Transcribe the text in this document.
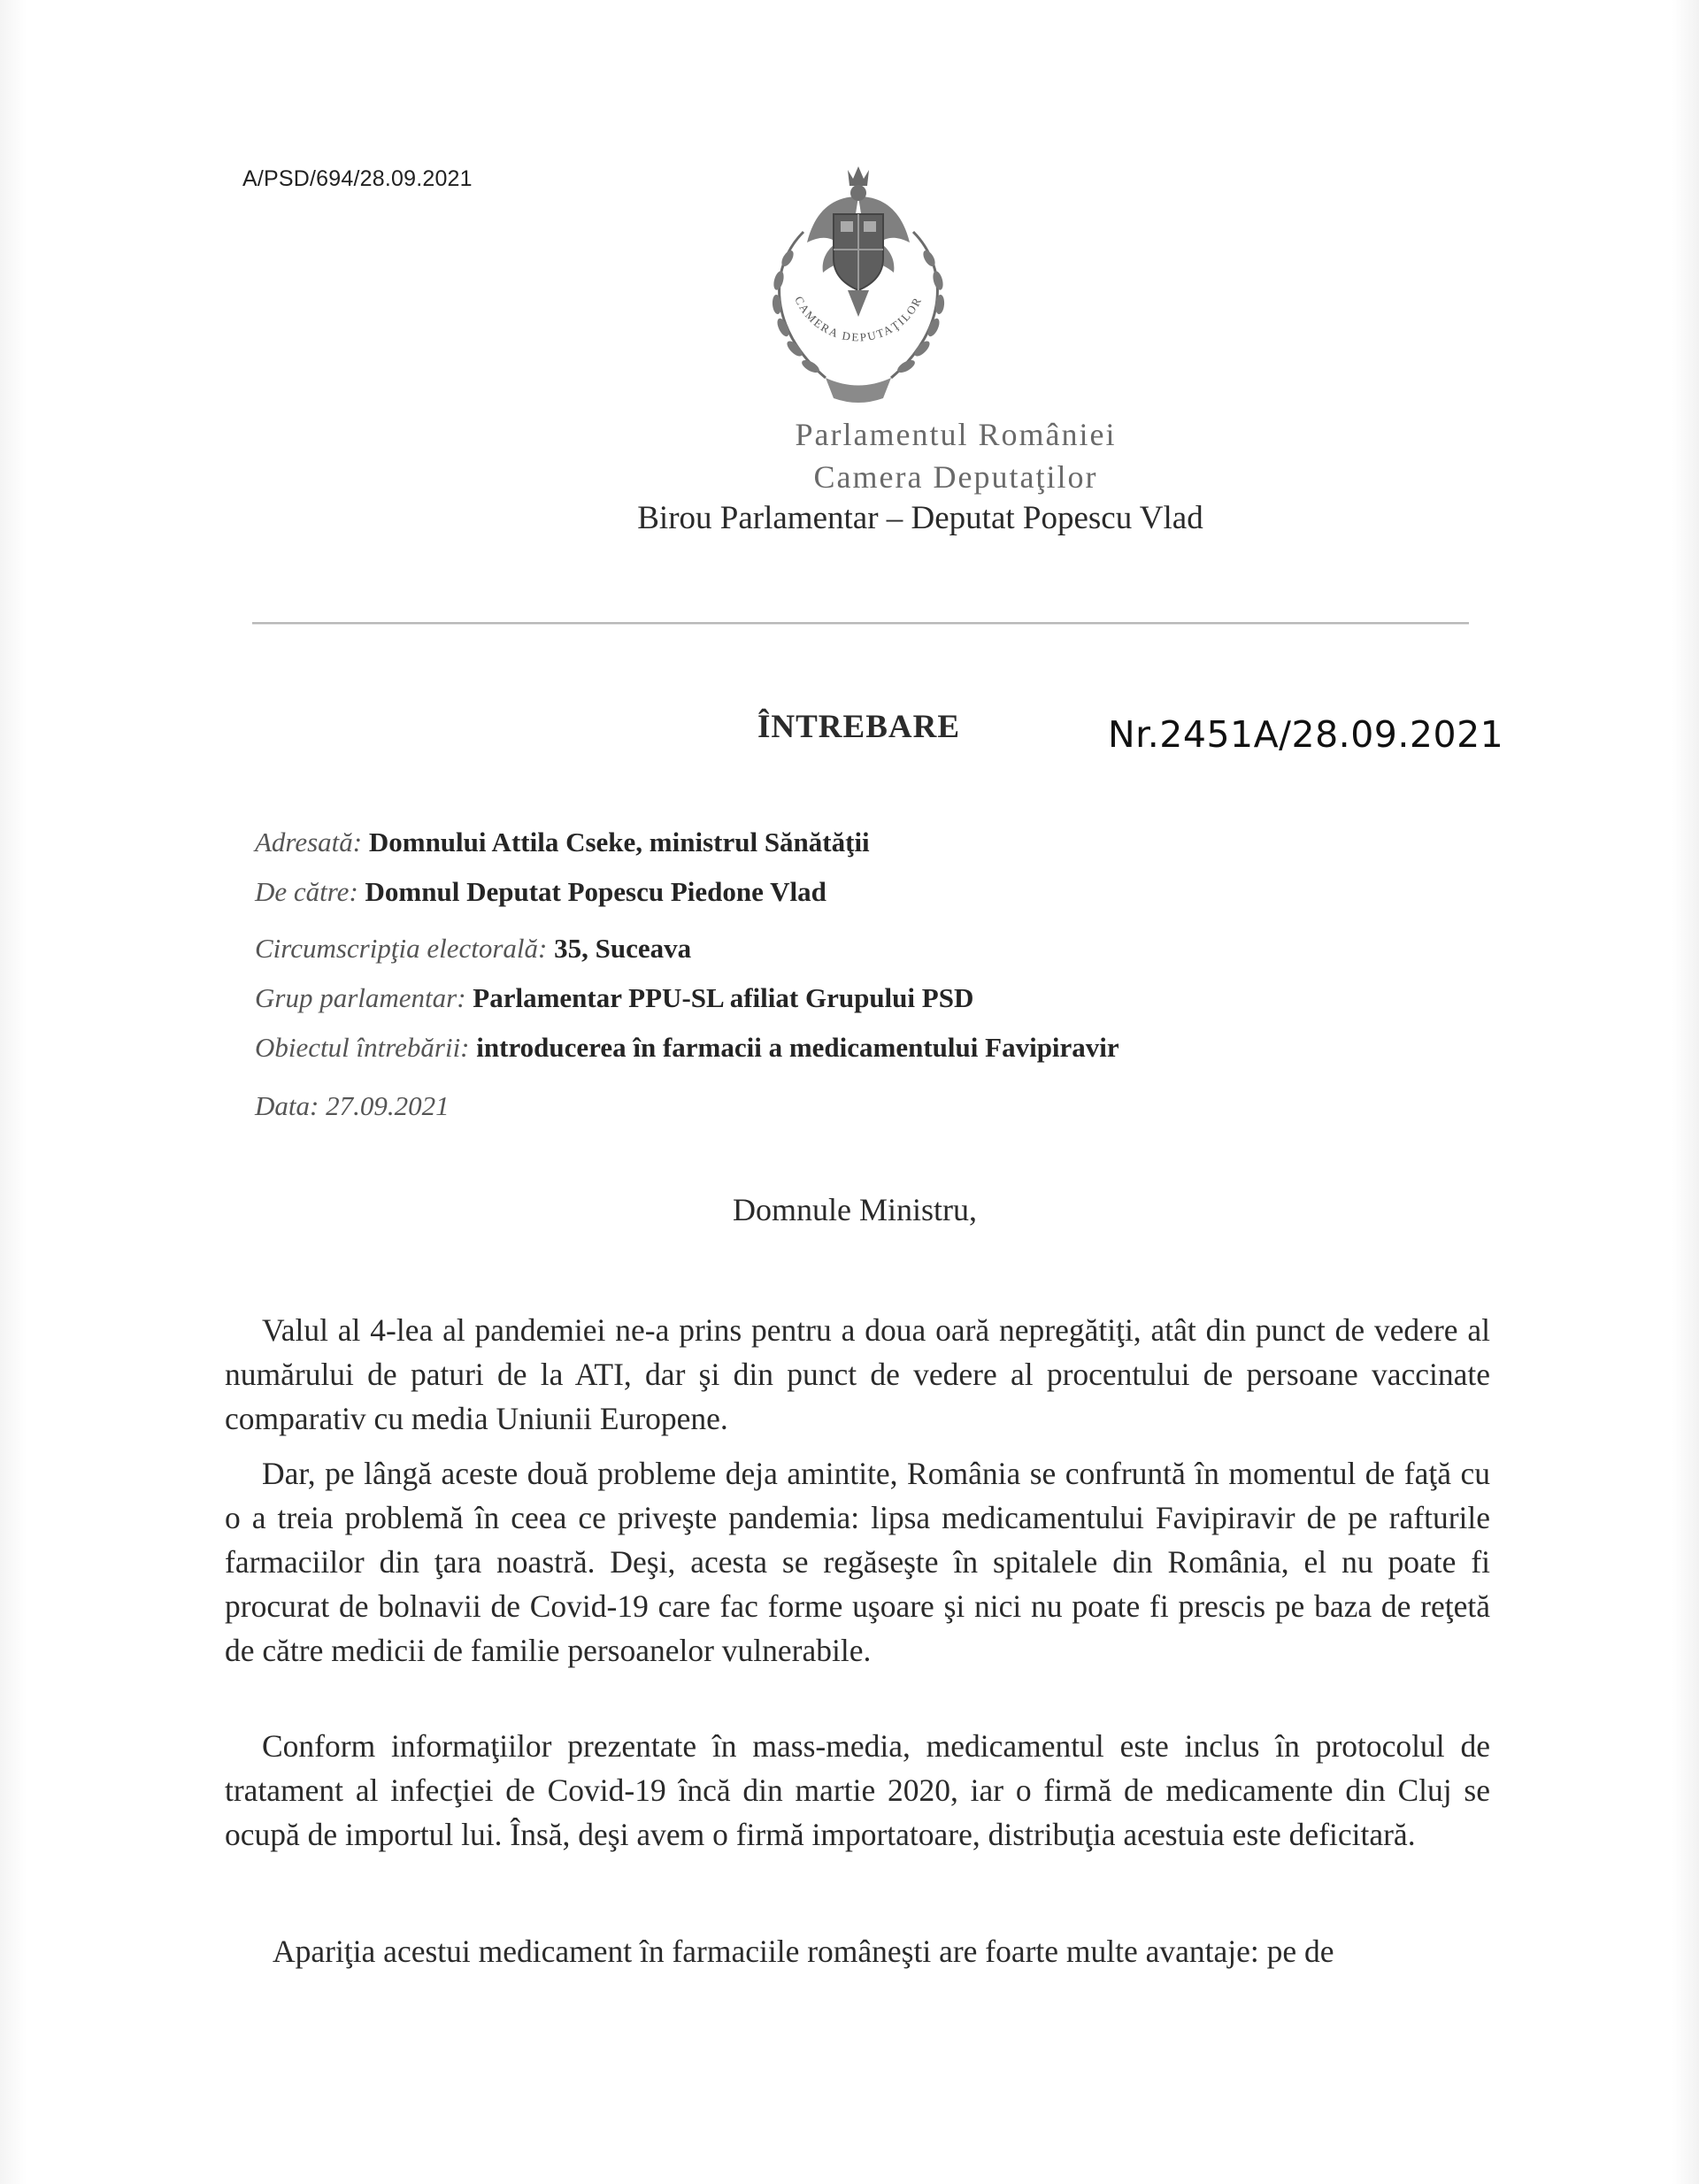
A/PSD/694/28.09.2021
CAMERA DEPUTAŢILOR
Parlamentul României
Camera Deputaţilor
Birou Parlamentar – Deputat Popescu Vlad
ÎNTREBARE	Nr.2451A/28.09.2021
Adresată: Domnului Attila Cseke, ministrul Sănătăţii
De către: Domnul Deputat Popescu Piedone Vlad
Circumscripţia electorală: 35, Suceava
Grup parlamentar: Parlamentar PPU-SL afiliat Grupului PSD
Obiectul întrebării: introducerea în farmacii a medicamentului Favipiravir
Data: 27.09.2021
Domnule Ministru,
Valul al 4-lea al pandemiei ne-a prins pentru a doua oară nepregătiţi, atât din punct de vedere al numărului de paturi de la ATI, dar şi din punct de vedere al procentului de persoane vaccinate comparativ cu media Uniunii Europene.
Dar, pe lângă aceste două probleme deja amintite, România se confruntă în momentul de faţă cu o a treia problemă în ceea ce priveşte pandemia: lipsa medicamentului Favipiravir de pe rafturile farmaciilor din ţara noastră. Deşi, acesta se regăseşte în spitalele din România, el nu poate fi procurat de bolnavii de Covid-19 care fac forme uşoare şi nici nu poate fi prescis pe baza de reţetă de către medicii de familie persoanelor vulnerabile.
Conform informaţiilor prezentate în mass-media, medicamentul este inclus în protocolul de tratament al infecţiei de Covid-19 încă din martie 2020, iar o firmă de medicamente din Cluj se ocupă de importul lui. Însă, deşi avem o firmă importatoare, distribuţia acestuia este deficitară.
Apariţia acestui medicament în farmaciile româneşti are foarte multe avantaje: pe de
